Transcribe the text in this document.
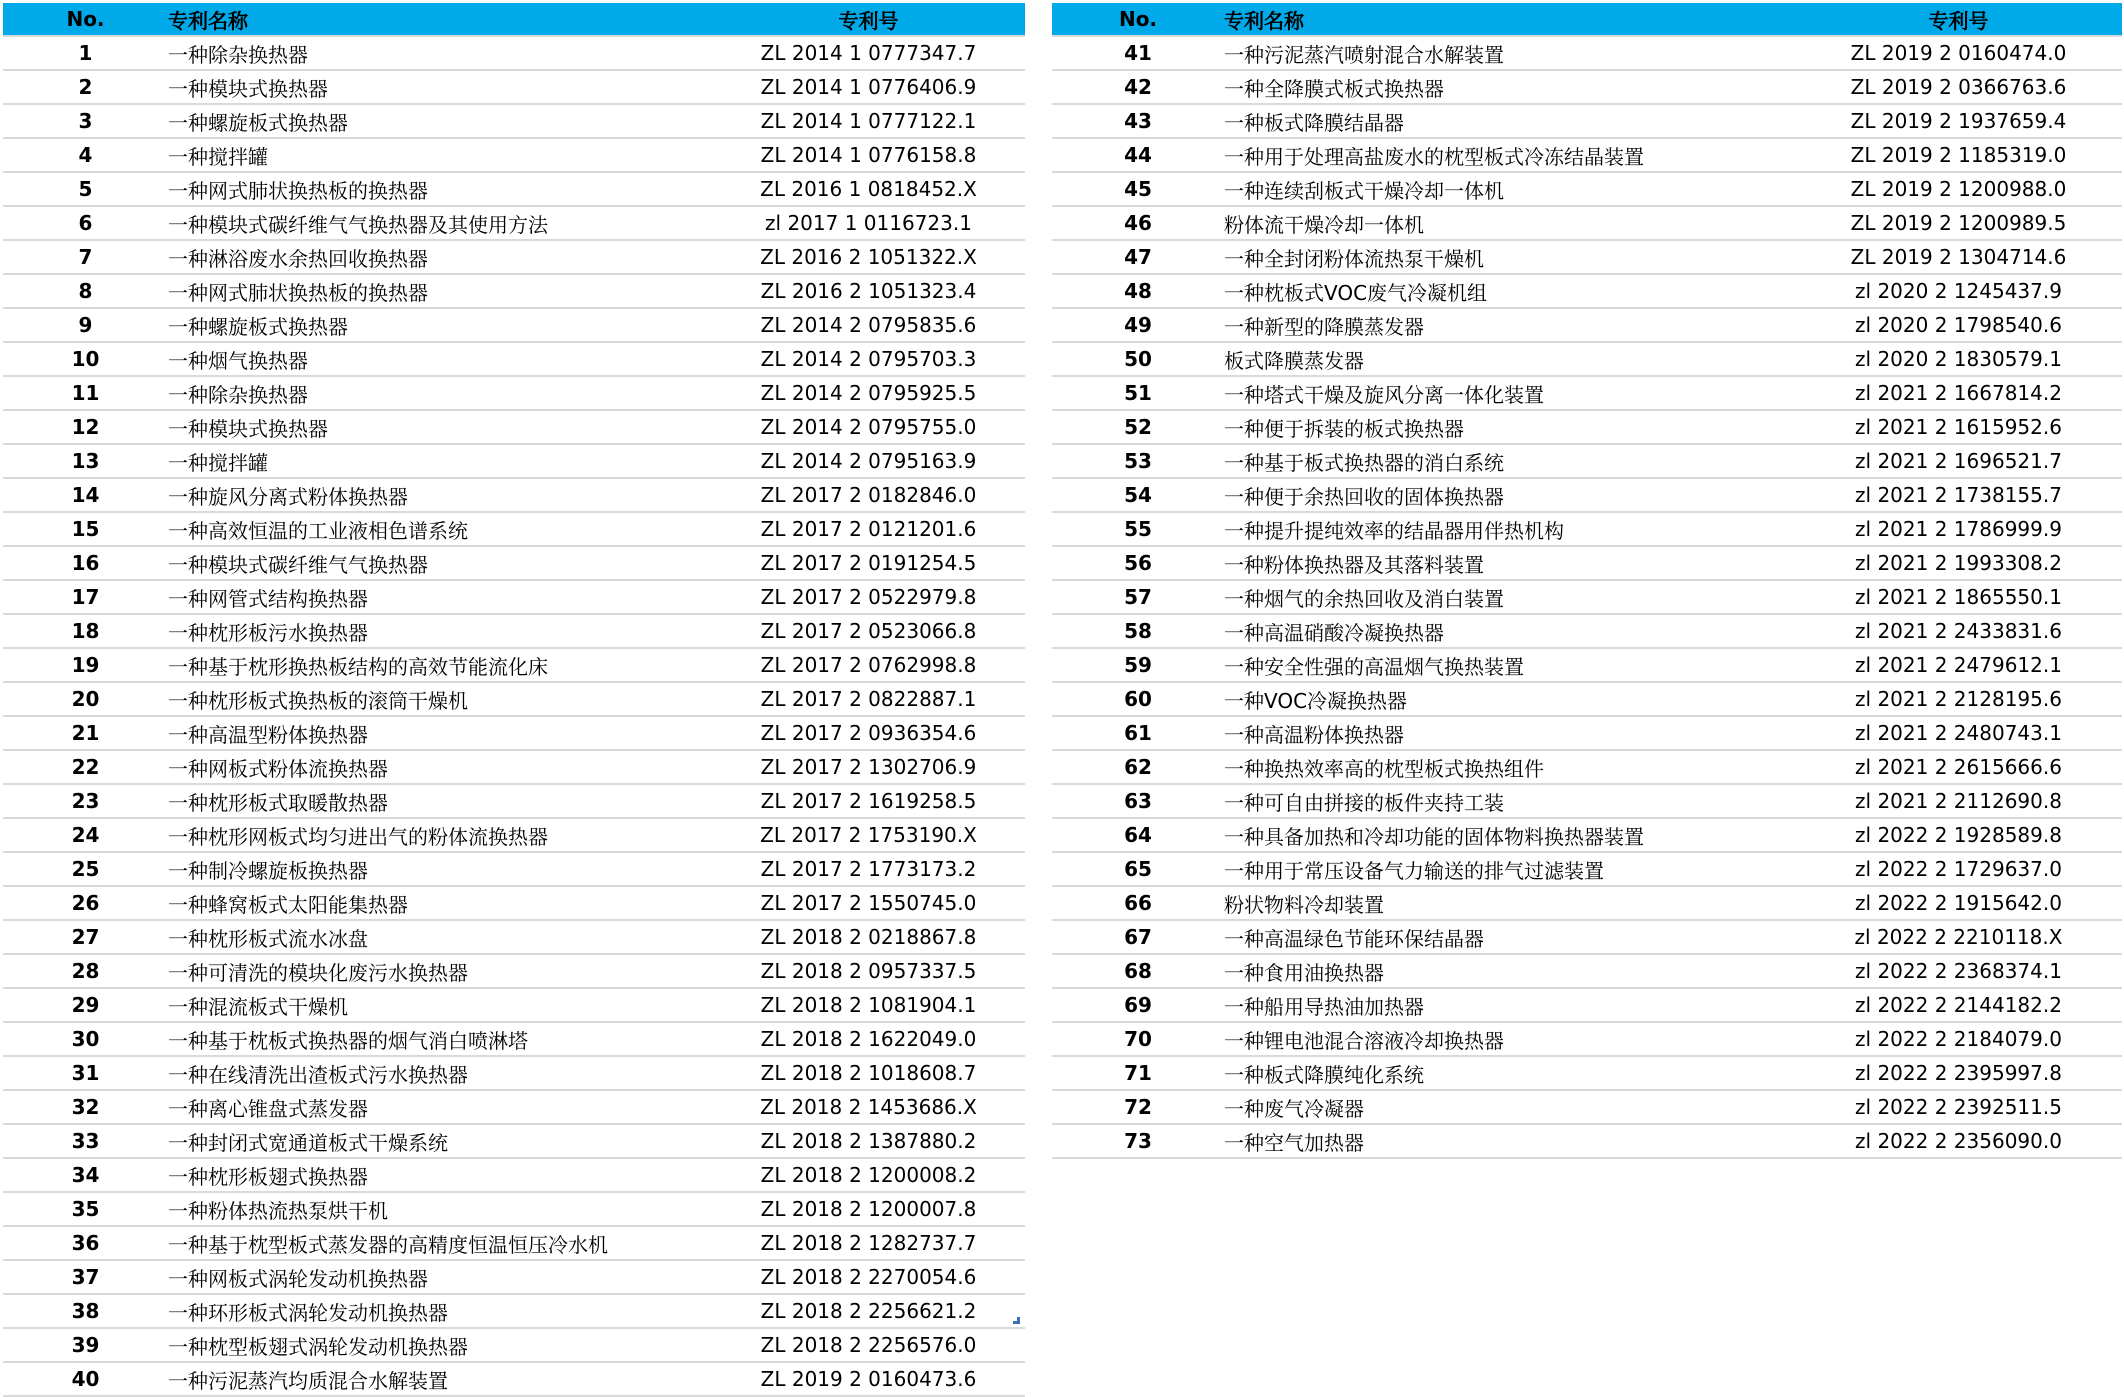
No.	专利名称	专利号
1	一种除杂换热器	ZL 2014 1 0777347.7
2	一种模块式换热器	ZL 2014 1 0776406.9
3	一种螺旋板式换热器	ZL 2014 1 0777122.1
4	一种搅拌罐	ZL 2014 1 0776158.8
5	一种网式肺状换热板的换热器	ZL 2016 1 0818452.X
6	一种模块式碳纤维气气换热器及其使用方法	zl 2017 1 0116723.1
7	一种淋浴废水余热回收换热器	ZL 2016 2 1051322.X
8	一种网式肺状换热板的换热器	ZL 2016 2 1051323.4
9	一种螺旋板式换热器	ZL 2014 2 0795835.6
10	一种烟气换热器	ZL 2014 2 0795703.3
11	一种除杂换热器	ZL 2014 2 0795925.5
12	一种模块式换热器	ZL 2014 2 0795755.0
13	一种搅拌罐	ZL 2014 2 0795163.9
14	一种旋风分离式粉体换热器	ZL 2017 2 0182846.0
15	一种高效恒温的工业液相色谱系统	ZL 2017 2 0121201.6
16	一种模块式碳纤维气气换热器	ZL 2017 2 0191254.5
17	一种网管式结构换热器	ZL 2017 2 0522979.8
18	一种枕形板污水换热器	ZL 2017 2 0523066.8
19	一种基于枕形换热板结构的高效节能流化床	ZL 2017 2 0762998.8
20	一种枕形板式换热板的滚筒干燥机	ZL 2017 2 0822887.1
21	一种高温型粉体换热器	ZL 2017 2 0936354.6
22	一种网板式粉体流换热器	ZL 2017 2 1302706.9
23	一种枕形板式取暖散热器	ZL 2017 2 1619258.5
24	一种枕形网板式均匀进出气的粉体流换热器	ZL 2017 2 1753190.X
25	一种制冷螺旋板换热器	ZL 2017 2 1773173.2
26	一种蜂窝板式太阳能集热器	ZL 2017 2 1550745.0
27	一种枕形板式流水冰盘	ZL 2018 2 0218867.8
28	一种可清洗的模块化废污水换热器	ZL 2018 2 0957337.5
29	一种混流板式干燥机	ZL 2018 2 1081904.1
30	一种基于枕板式换热器的烟气消白喷淋塔	ZL 2018 2 1622049.0
31	一种在线清洗出渣板式污水换热器	ZL 2018 2 1018608.7
32	一种离心锥盘式蒸发器	ZL 2018 2 1453686.X
33	一种封闭式宽通道板式干燥系统	ZL 2018 2 1387880.2
34	一种枕形板翅式换热器	ZL 2018 2 1200008.2
35	一种粉体热流热泵烘干机	ZL 2018 2 1200007.8
36	一种基于枕型板式蒸发器的高精度恒温恒压冷水机	ZL 2018 2 1282737.7
37	一种网板式涡轮发动机换热器	ZL 2018 2 2270054.6
38	一种环形板式涡轮发动机换热器	ZL 2018 2 2256621.2
39	一种枕型板翅式涡轮发动机换热器	ZL 2018 2 2256576.0
40	一种污泥蒸汽均质混合水解装置	ZL 2019 2 0160473.6
No.	专利名称	专利号
41	一种污泥蒸汽喷射混合水解装置	ZL 2019 2 0160474.0
42	一种全降膜式板式换热器	ZL 2019 2 0366763.6
43	一种板式降膜结晶器	ZL 2019 2 1937659.4
44	一种用于处理高盐废水的枕型板式冷冻结晶装置	ZL 2019 2 1185319.0
45	一种连续刮板式干燥冷却一体机	ZL 2019 2 1200988.0
46	粉体流干燥冷却一体机	ZL 2019 2 1200989.5
47	一种全封闭粉体流热泵干燥机	ZL 2019 2 1304714.6
48	一种枕板式VOC废气冷凝机组	zl 2020 2 1245437.9
49	一种新型的降膜蒸发器	zl 2020 2 1798540.6
50	板式降膜蒸发器	zl 2020 2 1830579.1
51	一种塔式干燥及旋风分离一体化装置	zl 2021 2 1667814.2
52	一种便于拆装的板式换热器	zl 2021 2 1615952.6
53	一种基于板式换热器的消白系统	zl 2021 2 1696521.7
54	一种便于余热回收的固体换热器	zl 2021 2 1738155.7
55	一种提升提纯效率的结晶器用伴热机构	zl 2021 2 1786999.9
56	一种粉体换热器及其落料装置	zl 2021 2 1993308.2
57	一种烟气的余热回收及消白装置	zl 2021 2 1865550.1
58	一种高温硝酸冷凝换热器	zl 2021 2 2433831.6
59	一种安全性强的高温烟气换热装置	zl 2021 2 2479612.1
60	一种VOC冷凝换热器	zl 2021 2 2128195.6
61	一种高温粉体换热器	zl 2021 2 2480743.1
62	一种换热效率高的枕型板式换热组件	zl 2021 2 2615666.6
63	一种可自由拼接的板件夹持工装	zl 2021 2 2112690.8
64	一种具备加热和冷却功能的固体物料换热器装置	zl 2022 2 1928589.8
65	一种用于常压设备气力输送的排气过滤装置	zl 2022 2 1729637.0
66	粉状物料冷却装置	zl 2022 2 1915642.0
67	一种高温绿色节能环保结晶器	zl 2022 2 2210118.X
68	一种食用油换热器	zl 2022 2 2368374.1
69	一种船用导热油加热器	zl 2022 2 2144182.2
70	一种锂电池混合溶液冷却换热器	zl 2022 2 2184079.0
71	一种板式降膜纯化系统	zl 2022 2 2395997.8
72	一种废气冷凝器	zl 2022 2 2392511.5
73	一种空气加热器	zl 2022 2 2356090.0
